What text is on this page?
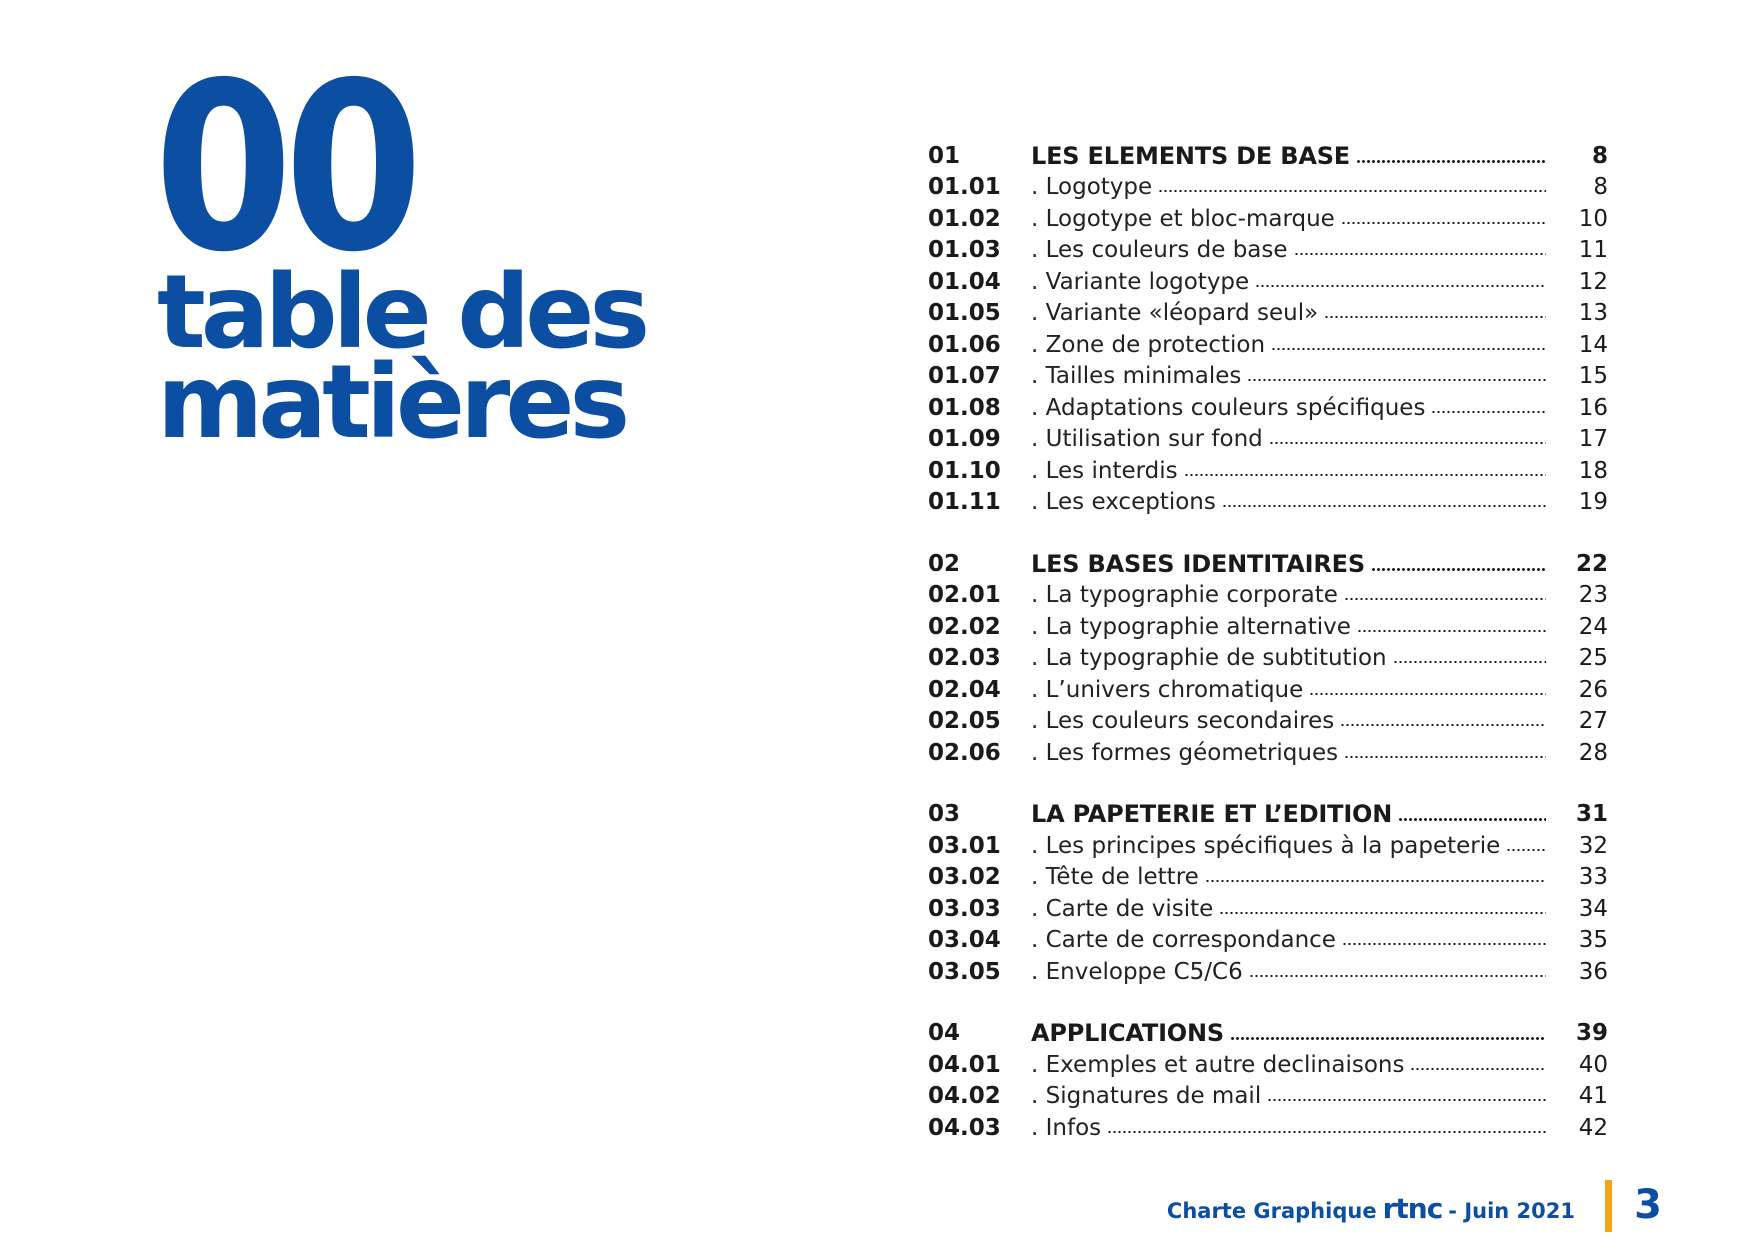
00
table des
matières
01	LES ELEMENTS DE BASE	8
01.01	. Logotype	8
01.02	. Logotype et bloc-marque	10
01.03	. Les couleurs de base	11
01.04	. Variante logotype	12
01.05	. Variante «léopard seul»	13
01.06	. Zone de protection	14
01.07	. Tailles minimales	15
01.08	. Adaptations couleurs spécifiques	16
01.09	. Utilisation sur fond	17
01.10	. Les interdis	18
01.11	. Les exceptions	19
02	LES BASES IDENTITAIRES	22
02.01	. La typographie corporate	23
02.02	. La typographie alternative	24
02.03	. La typographie de subtitution	25
02.04	. L’univers chromatique	26
02.05	. Les couleurs secondaires	27
02.06	. Les formes géometriques	28
03	LA PAPETERIE ET L’EDITION	31
03.01	. Les principes spécifiques à la papeterie	32
03.02	. Tête de lettre	33
03.03	. Carte de visite	34
03.04	. Carte de correspondance	35
03.05	. Enveloppe C5/C6	36
04	APPLICATIONS	39
04.01	. Exemples et autre declinaisons	40
04.02	. Signatures de mail	41
04.03	. Infos	42
Charte Graphique rtnc - Juin 2021 3
